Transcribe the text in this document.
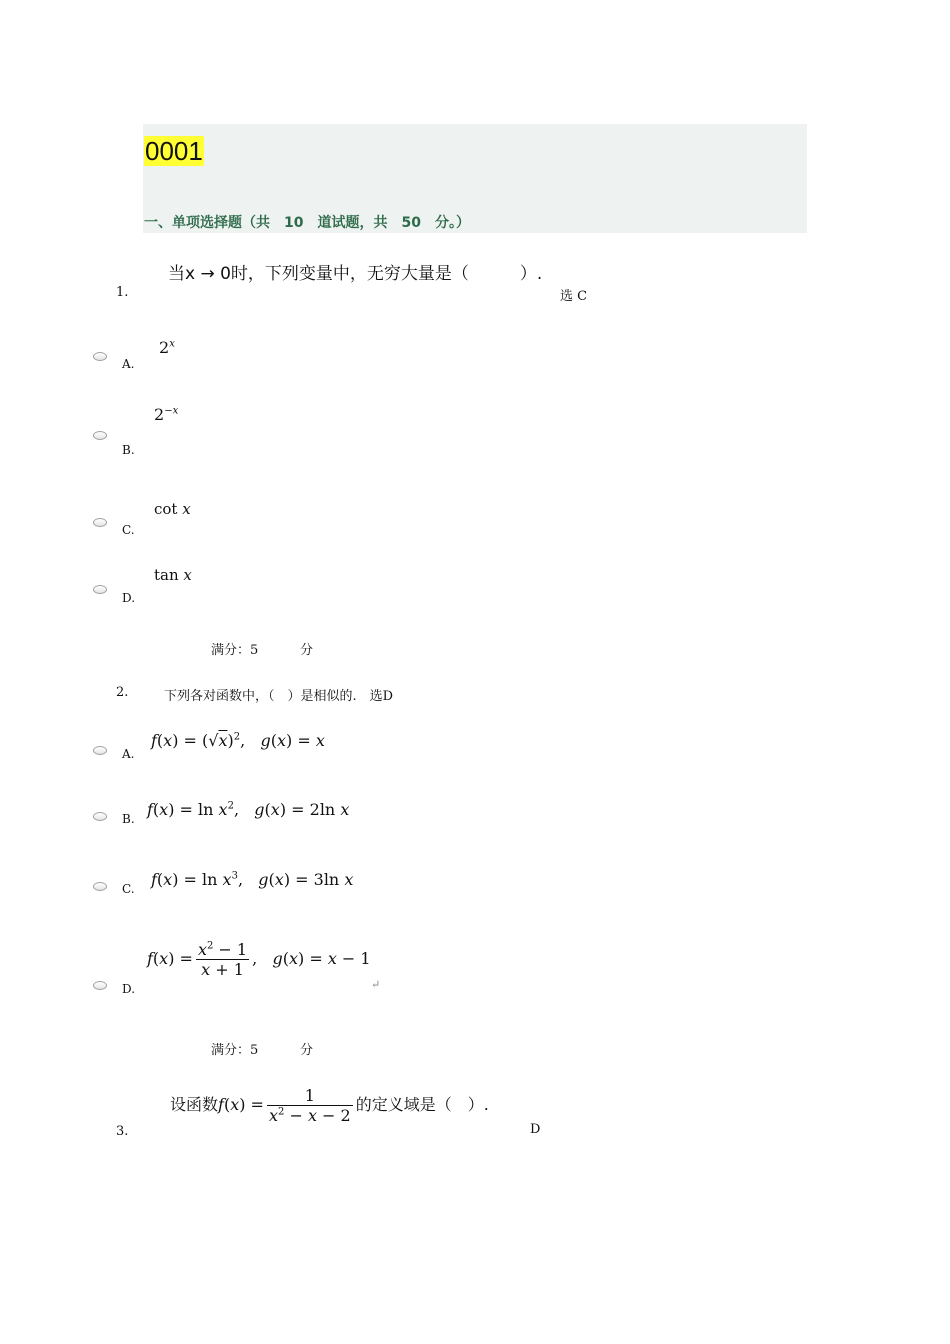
0001
一、单项选择题（共　10　道试题，共　50　分。）
当x → 0时，下列变量中，无穷大量是（　　　）.
1.	选 C
A.
2$^x$
B.
$2^{-x}$
C.
cot x
D.
tan x
满分：5	分
2.	下列各对函数中，（　）是相似的.　选D
A.
$f(x) = (√x)^2$,   g(x) = x
B. $f(x) = \ln x^2$,   g(x) = 2ln x
C. $f(x) = \ln x^3$,   g(x) = 3ln x
D.
$f(x) = \frac{x^2 - 1}{x + 1}$ ,   g(x) = x − 1
↵
满分：5	分
设函数$f(x) = \frac{1}{x^2 - x - 2}$ 的定义域是（　）.
3.	D
